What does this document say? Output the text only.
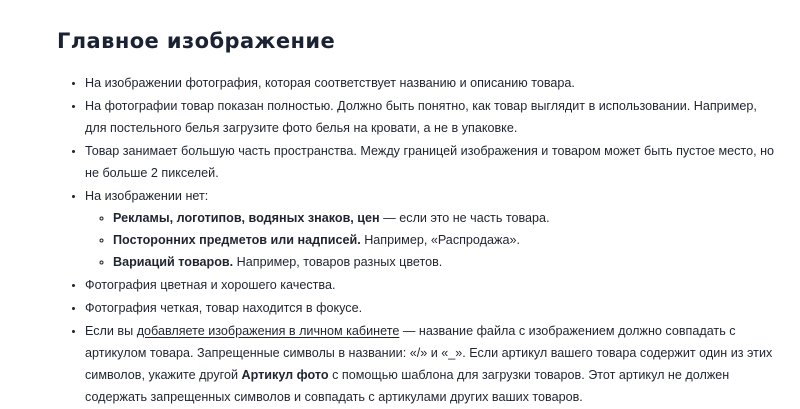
Главное изображение
• На изображении фотография, которая соответствует названию и описанию товара.
• На фотографии товар показан полностью. Должно быть понятно, как товар выглядит в использовании. Например, для постельного белья загрузите фото белья на кровати, а не в упаковке.
• Товар занимает большую часть пространства. Между границей изображения и товаром может быть пустое место, но не больше 2 пикселей.
• На изображении нет:
◦ Рекламы, логотипов, водяных знаков, цен — если это не часть товара.
◦ Посторонних предметов или надписей. Например, «Распродажа».
◦ Вариаций товаров. Например, товаров разных цветов.
• Фотография цветная и хорошего качества.
• Фотография четкая, товар находится в фокусе.
• Если вы добавляете изображения в личном кабинете — название файла с изображением должно совпадать с артикулом товара. Запрещенные символы в названии: «/» и «_». Если артикул вашего товара содержит один из этих символов, укажите другой Артикул фото с помощью шаблона для загрузки товаров. Этот артикул не должен содержать запрещенных символов и совпадать с артикулами других ваших товаров.
